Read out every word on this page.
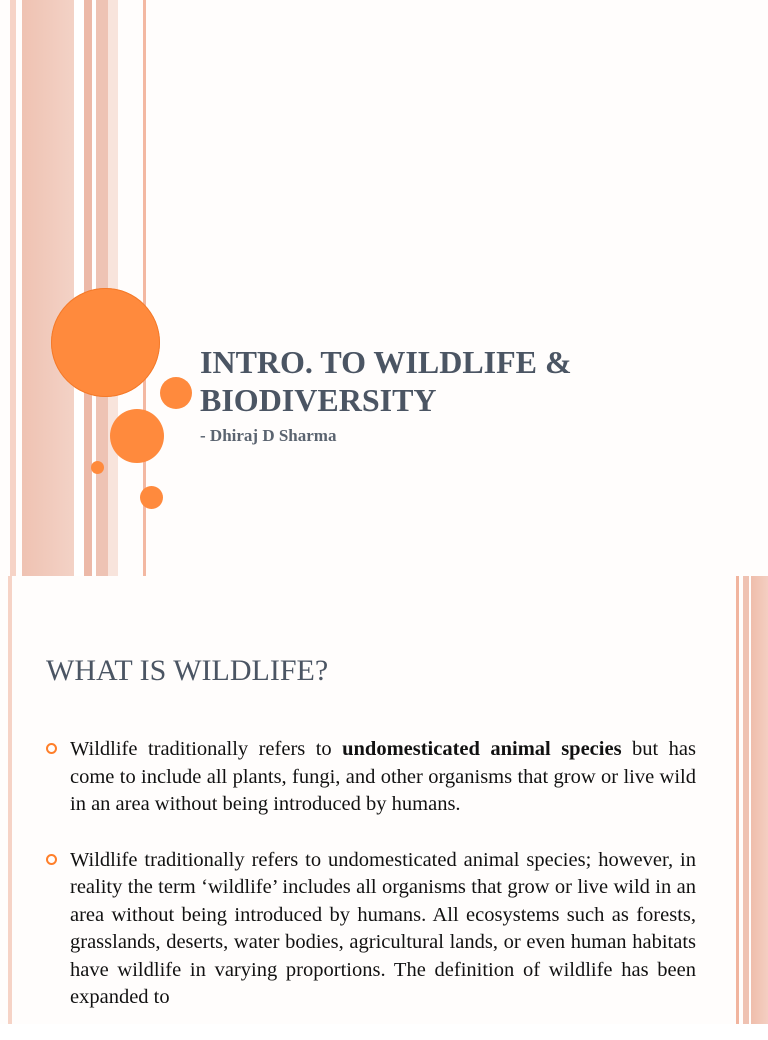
INTRO. TO WILDLIFE &
BIODIVERSITY

- Dhiraj D Sharma

WHAT IS WILDLIFE?

Wildlife traditionally refers to undomesticated animal species but has come to include all plants, fungi, and other organisms that grow or live wild in an area without being introduced by humans.

Wildlife traditionally refers to undomesticated animal species; however, in reality the term ‘wildlife’ includes all organisms that grow or live wild in an area without being introduced by humans. All ecosystems such as forests, grasslands, deserts, water bodies, agricultural lands, or even human habitats have wildlife in varying proportions. The definition of wildlife has been expanded to
